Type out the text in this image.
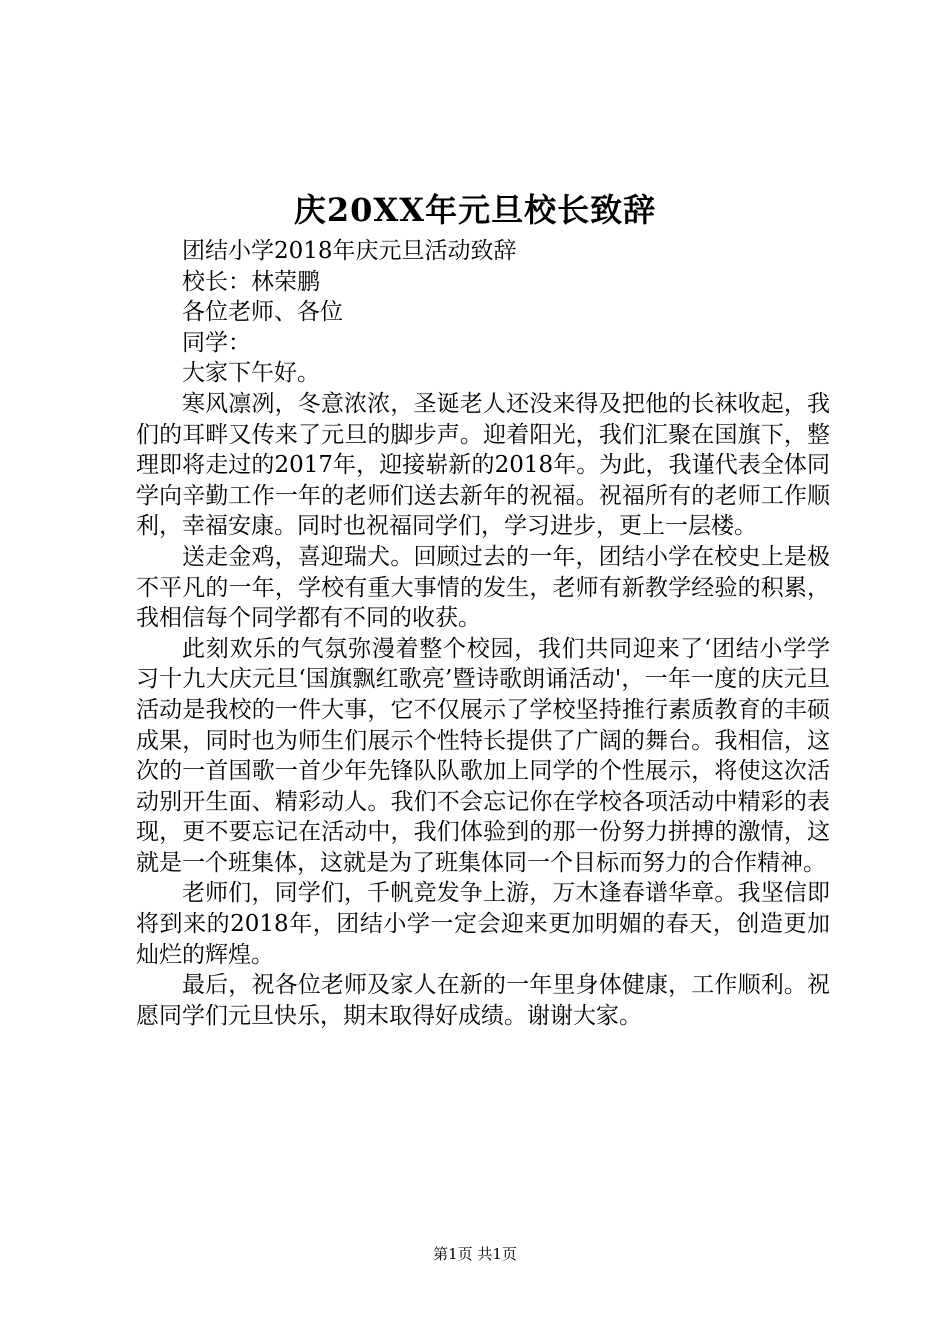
庆20XX年元旦校长致辞

团结小学2018年庆元旦活动致辞

校长：林荣鹏

各位老师、各位

同学：

大家下午好。

寒风凛冽，冬意浓浓，圣诞老人还没来得及把他的长袜收起，我们的耳畔又传来了元旦的脚步声。迎着阳光，我们汇聚在国旗下，整理即将走过的2017年，迎接崭新的2018年。为此，我谨代表全体同学向辛勤工作一年的老师们送去新年的祝福。祝福所有的老师工作顺利，幸福安康。同时也祝福同学们，学习进步，更上一层楼。

送走金鸡，喜迎瑞犬。回顾过去的一年，团结小学在校史上是极不平凡的一年，学校有重大事情的发生，老师有新教学经验的积累，我相信每个同学都有不同的收获。

此刻欢乐的气氛弥漫着整个校园，我们共同迎来了‘团结小学学习十九大庆元旦‘国旗飘红歌亮’暨诗歌朗诵活动'，一年一度的庆元旦活动是我校的一件大事，它不仅展示了学校坚持推行素质教育的丰硕成果，同时也为师生们展示个性特长提供了广阔的舞台。我相信，这次的一首国歌一首少年先锋队队歌加上同学的个性展示，将使这次活动别开生面、精彩动人。我们不会忘记你在学校各项活动中精彩的表现，更不要忘记在活动中，我们体验到的那一份努力拼搏的激情，这就是一个班集体，这就是为了班集体同一个目标而努力的合作精神。

老师们，同学们，千帆竞发争上游，万木逢春谱华章。我坚信即将到来的2018年，团结小学一定会迎来更加明媚的春天，创造更加灿烂的辉煌。

最后，祝各位老师及家人在新的一年里身体健康，工作顺利。祝愿同学们元旦快乐，期末取得好成绩。谢谢大家。

第1页 共1页
